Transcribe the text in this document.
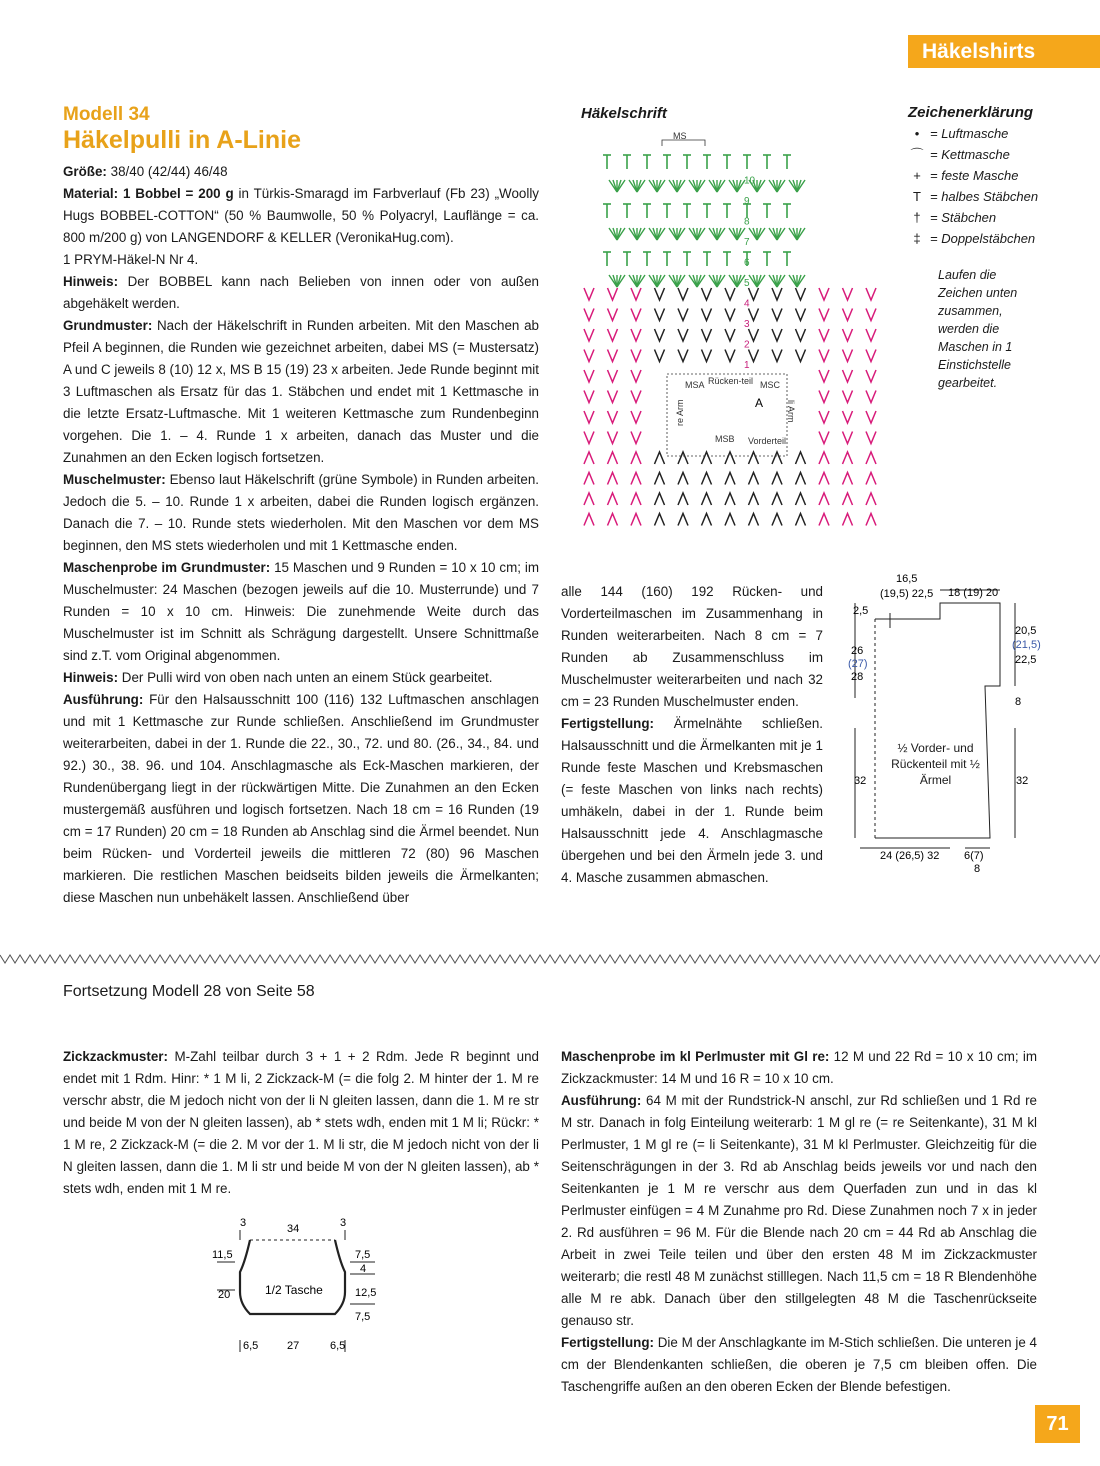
Häkelshirts
Modell 34
Häkelpulli in A-Linie

Größe: 38/40 (42/44) 46/48

Material: 1 Bobbel = 200 g in Türkis-Smaragd im Farbverlauf (Fb 23) „Woolly Hugs BOBBEL-COTTON“ (50 % Baumwolle, 50 % Polyacryl, Lauflänge = ca. 800 m/200 g) von LANGENDORF & KELLER (VeronikaHug.com).

1 PRYM-Häkel-N Nr 4.

Hinweis: Der BOBBEL kann nach Belieben von innen oder von außen abgehäkelt werden.

Grundmuster: Nach der Häkelschrift in Runden arbeiten. Mit den Maschen ab Pfeil A beginnen, die Runden wie gezeichnet arbeiten, dabei MS (= Mustersatz) A und C jeweils 8 (10) 12 x, MS B 15 (19) 23 x arbeiten. Jede Runde beginnt mit 3 Luftmaschen als Ersatz für das 1. Stäbchen und endet mit 1 Kettmasche in die letzte Ersatz-Luftmasche. Mit 1 weiteren Kettmasche zum Rundenbeginn vorgehen. Die 1. – 4. Runde 1 x arbeiten, danach das Muster und die Zunahmen an den Ecken logisch fortsetzen.

Muschelmuster: Ebenso laut Häkelschrift (grüne Symbole) in Runden arbeiten. Jedoch die 5. – 10. Runde 1 x arbeiten, dabei die Runden logisch ergänzen. Danach die 7. – 10. Runde stets wiederholen. Mit den Maschen vor dem MS beginnen, den MS stets wiederholen und mit 1 Kettmasche enden.

Maschenprobe im Grundmuster: 15 Maschen und 9 Runden = 10 x 10 cm; im Muschelmuster: 24 Maschen (bezogen jeweils auf die 10. Musterrunde) und 7 Runden = 10 x 10 cm. Hinweis: Die zunehmende Weite durch das Muschelmuster ist im Schnitt als Schrägung dargestellt. Unsere Schnittmaße sind z.T. vom Original abgenommen.

Hinweis: Der Pulli wird von oben nach unten an einem Stück gearbeitet.

Ausführung: Für den Halsausschnitt 100 (116) 132 Luftmaschen anschlagen und mit 1 Kettmasche zur Runde schließen. Anschließend im Grundmuster weiterarbeiten, dabei in der 1. Runde die 22., 30., 72. und 80. (26., 34., 84. und 92.) 30., 38. 96. und 104. Anschlagmasche als Eck-Maschen markieren, der Rundenübergang liegt in der rückwärtigen Mitte. Die Zunahmen an den Ecken mustergemäß ausführen und logisch fortsetzen. Nach 18 cm = 16 Runden (19 cm = 17 Runden) 20 cm = 18 Runden ab Anschlag sind die Ärmel beendet. Nun beim Rücken- und Vorderteil jeweils die mittleren 72 (80) 96 Maschen markieren. Die restlichen Maschen beidseits bilden jeweils die Ärmelkanten; diese Maschen nun unbehäkelt lassen. Anschließend über

Häkelschrift
MS
MSA Rücken-teil MSC
A
MSB Vorderteil
re Arm	li Arm
1
2
3
4
5
6
7
8
9
10
Zeichenerklärung
• = Luftmasche
⌒ = Kettmasche
+ = feste Masche
T = halbes Stäbchen
† = Stäbchen
‡ = Doppelstäbchen
Laufen die Zeichen unten zusammen, werden die Maschen in 1 Einstichstelle gearbeitet.

alle 144 (160) 192 Rücken- und Vorderteilmaschen im Zusammenhang in Runden weiterarbeiten. Nach 8 cm = 7 Runden ab Zusammenschluss im Muschelmuster weiterarbeiten und nach 32 cm = 23 Runden Muschelmuster enden.

Fertigstellung: Ärmelnähte schließen. Halsausschnitt und die Ärmelkanten mit je 1 Runde feste Maschen und Krebsmaschen (= feste Maschen von links nach rechts) umhäkeln, dabei in der 1. Runde beim Halsausschnitt jede 4. Anschlagmasche übergehen und bei den Ärmeln jede 3. und 4. Masche zusammen abmaschen.

16,5
(19,5) 22,5 18 (19) 20
2,5
26
(27)
28
32
20,5
(21,5)
22,5
8
32
½ Vorder- und Rückenteil mit ½ Ärmel
24 (26,5) 32 6(7)
8
Fortsetzung Modell 28 von Seite 58

Zickzackmuster: M-Zahl teilbar durch 3 + 1 + 2 Rdm. Jede R beginnt und endet mit 1 Rdm. Hinr: * 1 M li, 2 Zickzack-M (= die folg 2. M hinter der 1. M re verschr abstr, die M jedoch nicht von der li N gleiten lassen, dann die 1. M re str und beide M von der N gleiten lassen), ab * stets wdh, enden mit 1 M li; Rückr: * 1 M re, 2 Zickzack-M (= die 2. M vor der 1. M li str, die M jedoch nicht von der li N gleiten lassen, dann die 1. M li str und beide M von der N gleiten lassen), ab * stets wdh, enden mit 1 M re.

3	34	3
11,5
20
7,5
4
12,5
7,5
1/2 Tasche
6,5	27	6,5

Maschenprobe im kl Perlmuster mit Gl re: 12 M und 22 Rd = 10 x 10 cm; im Zickzackmuster: 14 M und 16 R = 10 x 10 cm.

Ausführung: 64 M mit der Rundstrick-N anschl, zur Rd schließen und 1 Rd re M str. Danach in folg Einteilung weiterarb: 1 M gl re (= re Seitenkante), 31 M kl Perlmuster, 1 M gl re (= li Seitenkante), 31 M kl Perlmuster. Gleichzeitig für die Seitenschrägungen in der 3. Rd ab Anschlag beids jeweils vor und nach den Seitenkanten je 1 M re verschr aus dem Querfaden zun und in das kl Perlmuster einfügen = 4 M Zunahme pro Rd. Diese Zunahmen noch 7 x in jeder 2. Rd ausführen = 96 M. Für die Blende nach 20 cm = 44 Rd ab Anschlag die Arbeit in zwei Teile teilen und über den ersten 48 M im Zickzackmuster weiterarb; die restl 48 M zunächst stilllegen. Nach 11,5 cm = 18 R Blendenhöhe alle M re abk. Danach über den stillgelegten 48 M die Taschenrückseite genauso str.

Fertigstellung: Die M der Anschlagkante im M-Stich schließen. Die unteren je 4 cm der Blendenkanten schließen, die oberen je 7,5 cm bleiben offen. Die Taschengriffe außen an den oberen Ecken der Blende befestigen.

71
